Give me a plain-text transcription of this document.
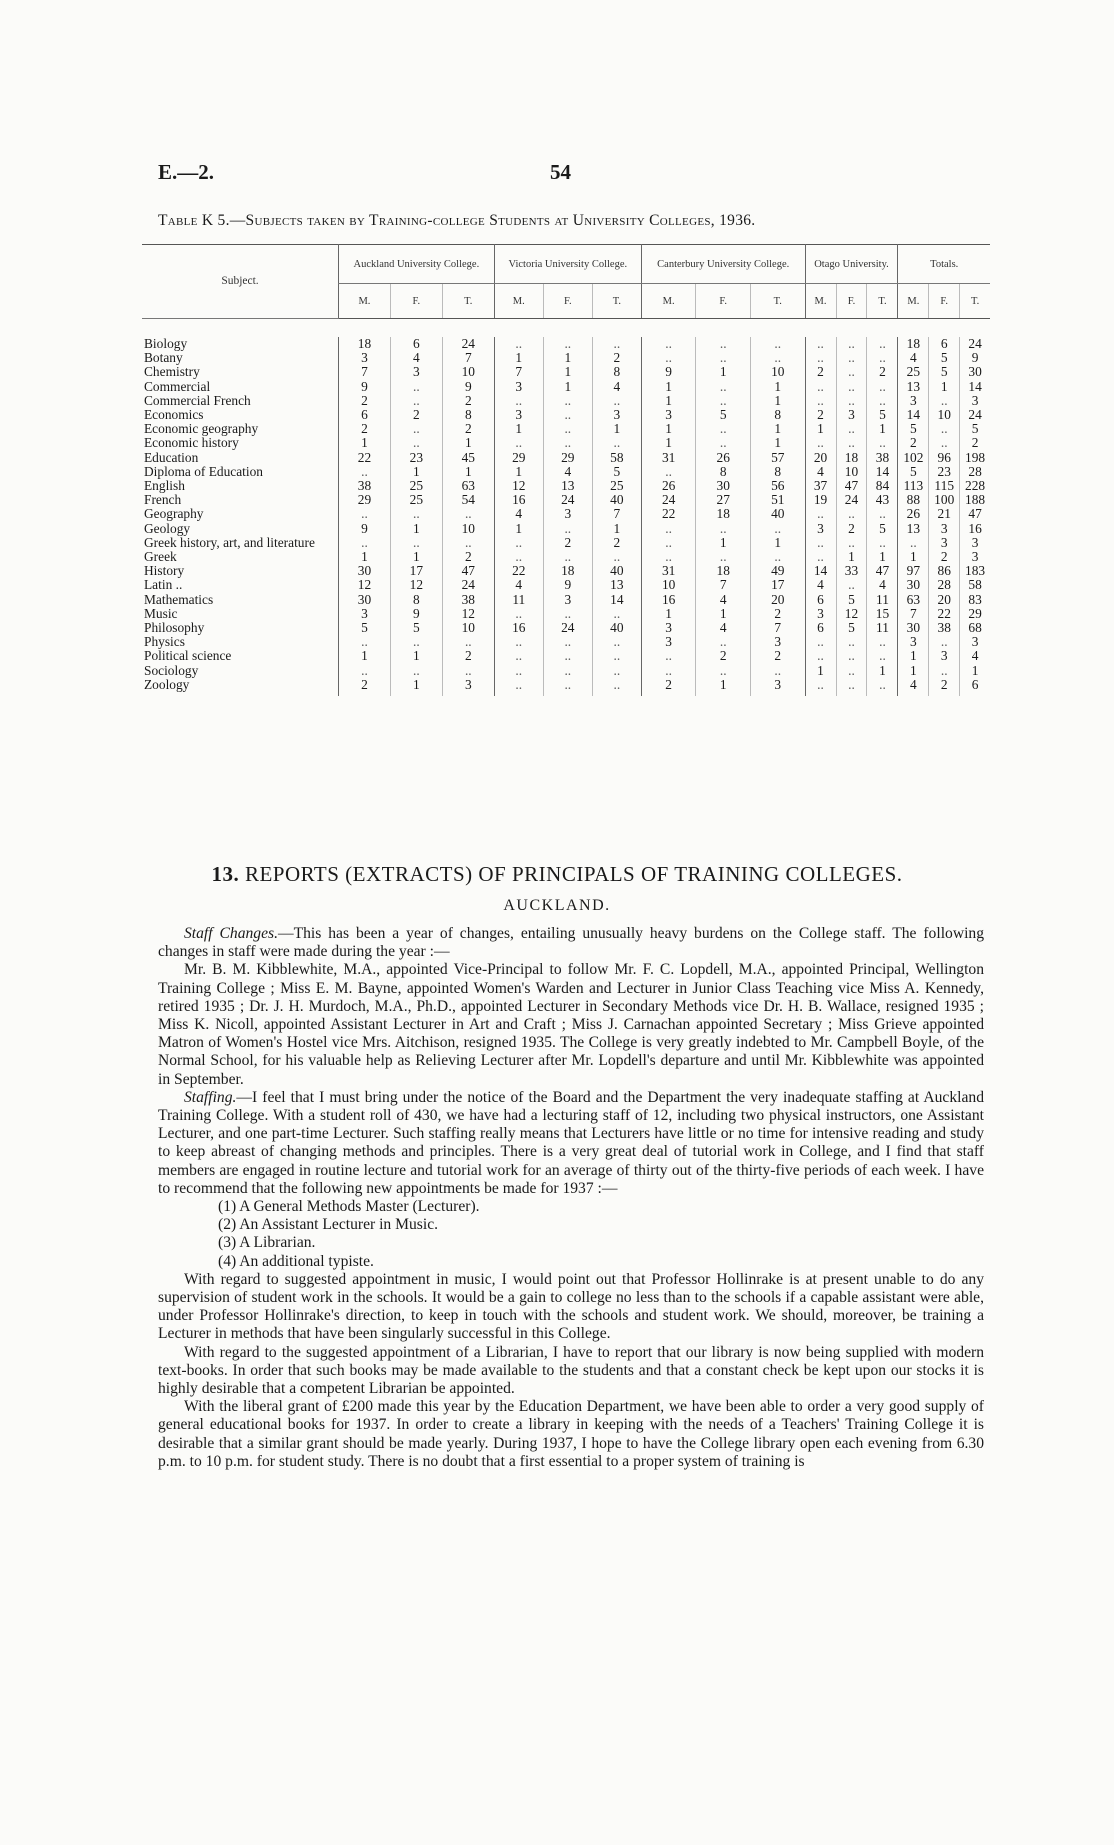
E.—2.	54
Table K 5.—Subjects taken by Training-college Students at University Colleges, 1936.
Subject.	Auckland University College.			Victoria University College.			Canterbury University College.			Otago University.			Totals.		
	M.	F.	T.	M.	F.	T.	M.	F.	T.	M.	F.	T.	M.	F.	T.

Biology	18	6	24	..	..	..	..	..	..	..	..	..	18	6	24
Botany	3	4	7	1	1	2	..	..	..	..	..	..	4	5	9
Chemistry	7	3	10	7	1	8	9	1	10	2	..	2	25	5	30
Commercial	9	..	9	3	1	4	1	..	1	..	..	..	13	1	14
Commercial French	2	..	2	..	..	..	1	..	1	..	..	..	3	..	3
Economics	6	2	8	3	..	3	3	5	8	2	3	5	14	10	24
Economic geography	2	..	2	1	..	1	1	..	1	1	..	1	5	..	5
Economic history	1	..	1	..	..	..	1	..	1	..	..	..	2	..	2
Education	22	23	45	29	29	58	31	26	57	20	18	38	102	96	198
Diploma of Education	..	1	1	1	4	5	..	8	8	4	10	14	5	23	28
English	38	25	63	12	13	25	26	30	56	37	47	84	113	115	228
French	29	25	54	16	24	40	24	27	51	19	24	43	88	100	188
Geography	..	..	..	4	3	7	22	18	40	..	..	..	26	21	47
Geology	9	1	10	1	..	1	..	..	..	3	2	5	13	3	16
Greek history, art, and literature	..	..	..	..	2	2	..	1	1	..	..	..	..	3	3
Greek	1	1	2	..	..	..	..	..	..	..	1	1	1	2	3
History	30	17	47	22	18	40	31	18	49	14	33	47	97	86	183
Latin ..	12	12	24	4	9	13	10	7	17	4	..	4	30	28	58
Mathematics	30	8	38	11	3	14	16	4	20	6	5	11	63	20	83
Music	3	9	12	..	..	..	1	1	2	3	12	15	7	22	29
Philosophy	5	5	10	16	24	40	3	4	7	6	5	11	30	38	68
Physics	..	..	..	..	..	..	3	..	3	..	..	..	3	..	3
Political science	1	1	2	..	..	..	..	2	2	..	..	..	1	3	4
Sociology	..	..	..	..	..	..	..	..	..	1	..	1	1	..	1
Zoology	2	1	3	..	..	..	2	1	3	..	..	..	4	2	6
13. REPORTS (EXTRACTS) OF PRINCIPALS OF TRAINING COLLEGES.
AUCKLAND.

Staff Changes.—This has been a year of changes, entailing unusually heavy burdens on the College staff. The following changes in staff were made during the year :—

Mr. B. M. Kibblewhite, M.A., appointed Vice-Principal to follow Mr. F. C. Lopdell, M.A., appointed Principal, Wellington Training College ; Miss E. M. Bayne, appointed Women's Warden and Lecturer in Junior Class Teaching vice Miss A. Kennedy, retired 1935 ; Dr. J. H. Murdoch, M.A., Ph.D., appointed Lecturer in Secondary Methods vice Dr. H. B. Wallace, resigned 1935 ; Miss K. Nicoll, appointed Assistant Lecturer in Art and Craft ; Miss J. Carnachan appointed Secretary ; Miss Grieve appointed Matron of Women's Hostel vice Mrs. Aitchison, resigned 1935. The College is very greatly indebted to Mr. Campbell Boyle, of the Normal School, for his valuable help as Relieving Lecturer after Mr. Lopdell's departure and until Mr. Kibblewhite was appointed in September.

Staffing.—I feel that I must bring under the notice of the Board and the Department the very inadequate staffing at Auckland Training College. With a student roll of 430, we have had a lecturing staff of 12, including two physical instructors, one Assistant Lecturer, and one part-time Lecturer. Such staffing really means that Lecturers have little or no time for intensive reading and study to keep abreast of changing methods and principles. There is a very great deal of tutorial work in College, and I find that staff members are engaged in routine lecture and tutorial work for an average of thirty out of the thirty-five periods of each week. I have to recommend that the following new appointments be made for 1937 :—

(1) A General Methods Master (Lecturer).
(2) An Assistant Lecturer in Music.
(3) A Librarian.
(4) An additional typiste.

With regard to suggested appointment in music, I would point out that Professor Hollinrake is at present unable to do any supervision of student work in the schools. It would be a gain to college no less than to the schools if a capable assistant were able, under Professor Hollinrake's direction, to keep in touch with the schools and student work. We should, moreover, be training a Lecturer in methods that have been singularly successful in this College.

With regard to the suggested appointment of a Librarian, I have to report that our library is now being supplied with modern text-books. In order that such books may be made available to the students and that a constant check be kept upon our stocks it is highly desirable that a competent Librarian be appointed.

With the liberal grant of £200 made this year by the Education Department, we have been able to order a very good supply of general educational books for 1937. In order to create a library in keeping with the needs of a Teachers' Training College it is desirable that a similar grant should be made yearly. During 1937, I hope to have the College library open each evening from 6.30 p.m. to 10 p.m. for student study. There is no doubt that a first essential to a proper system of training is
